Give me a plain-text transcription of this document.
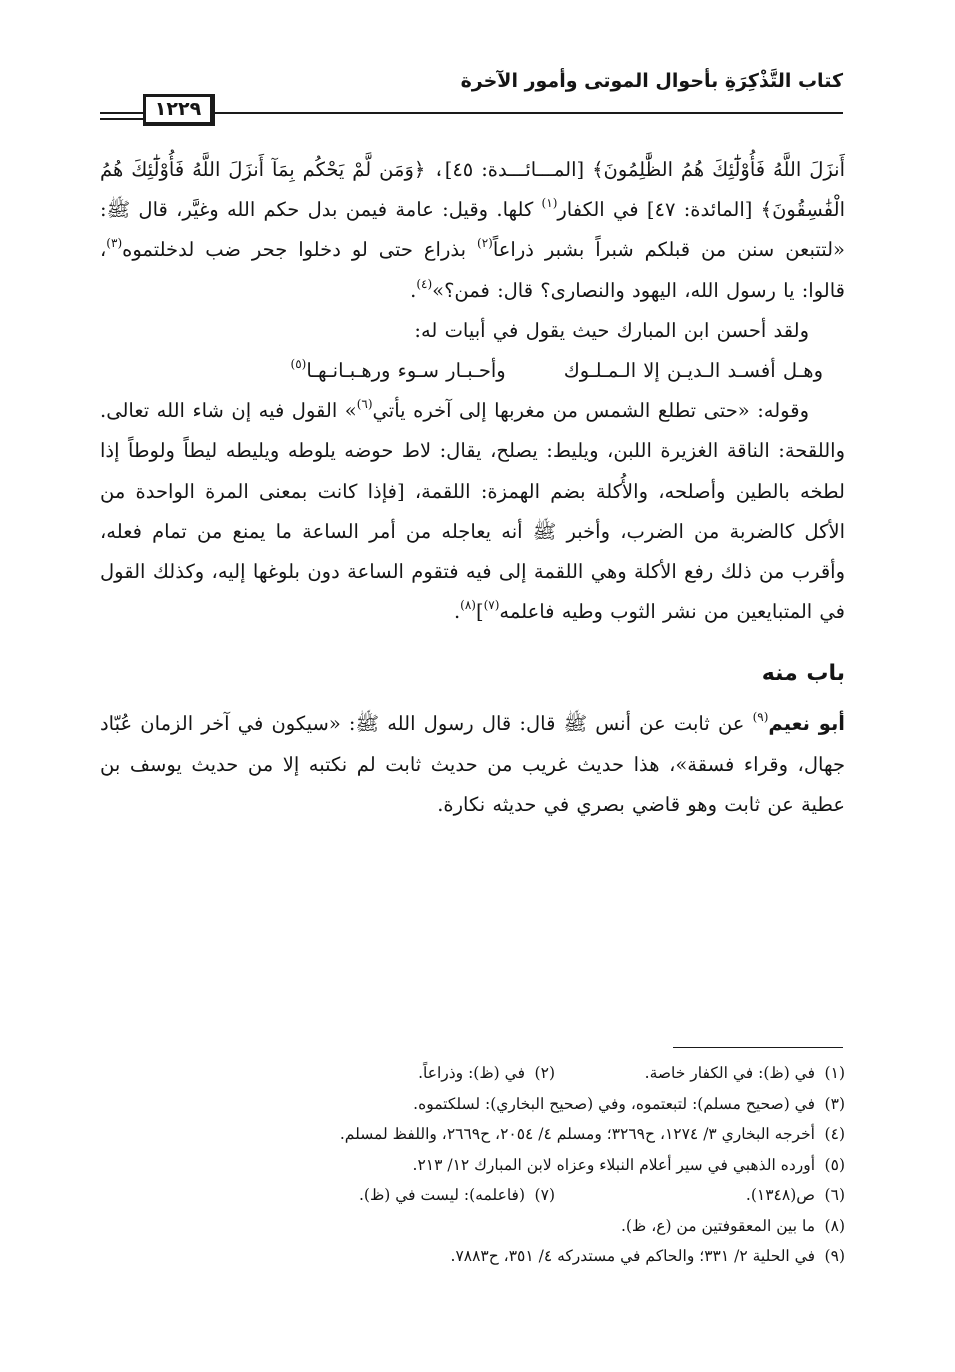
كتاب التَّذْكِرَةِ بأحوال الموتى وأمور الآخرة
١٢٢٩

أَنزَلَ اللَّهُ فَأُوْلَٰٓئِكَ هُمُ الظَّٰلِمُونَ﴾ [المـــائـــدة: ٤٥]، ﴿وَمَن لَّمْ يَحْكُم بِمَآ أَنزَلَ اللَّهُ فَأُوْلَٰٓئِكَ هُمُ الْفَٰسِقُونَ﴾ [المائدة: ٤٧] في الكفار$^{(١)}$ كلها. وقيل: عامة فيمن بدل حكم الله وغيَّر، قال ﷺ: «لتتبعن سنن من قبلكم شبراً بشبر ذراعاً$^{(٢)}$ بذراع حتى لو دخلوا جحر ضب لدخلتموه$^{(٣)}$، قالوا: يا رسول الله، اليهود والنصارى؟ قال: فمن؟»$^{(٤)}$.

ولقد أحسن ابن المبارك حيث يقول في أبيات له:

وهـل أفسـد الـديـن إلا الـمـلـوك
وأحـبـار سـوء ورهـبـانـهـا$^{(٥)}$

وقوله: «حتى تطلع الشمس من مغربها إلى آخره يأتي$^{(٦)}$» القول فيه إن شاء الله تعالى. واللقحة: الناقة الغزيرة اللبن، ويليط: يصلح، يقال: لاط حوضه يلوطه ويليطه ليطاً ولوطاً إذا لطخه بالطين وأصلحه، والأُكلة بضم الهمزة: اللقمة، [فإذا كانت بمعنى المرة الواحدة من الأكل كالضربة من الضرب، وأخبر ﷺ أنه يعاجله من أمر الساعة ما يمنع من تمام فعله، وأقرب من ذلك رفع الأكلة وهي اللقمة إلى فيه فتقوم الساعة دون بلوغها إليه، وكذلك القول في المتبايعين من نشر الثوب وطيه فاعلمه$^{(٧)}$]$^{(٨)}$.

باب منه

أبو نعيم$^{(٩)}$ عن ثابت عن أنس ﷺ قال: قال رسول الله ﷺ: «سيكون في آخر الزمان عُبّاد جهال، وقراء فسقة»، هذا حديث غريب من حديث ثابت لم نكتبه إلا من حديث يوسف بن عطية عن ثابت وهو قاضي بصري في حديثه نكارة.

(١)
في (ظ): في الكفار خاصة.
(٢)
في (ظ): وذراعاً.
(٣)
في (صحيح مسلم): لتبعتموه، وفي (صحيح البخاري): لسلكتموه.
(٤)
أخرجه البخاري ٣/ ١٢٧٤، ح٣٢٦٩؛ ومسلم ٤/ ٢٠٥٤، ح٢٦٦٩، واللفظ لمسلم.
(٥)
أورده الذهبي في سير أعلام النبلاء وعزاه لابن المبارك ١٢/ ٢١٣.
(٦)
ص(١٣٤٨).
(٧)
(فاعلمه): ليست في (ظ).
(٨)
ما بين المعقوفتين من (ع، ظ).
(٩)
في الحلية ٢/ ٣٣١؛ والحاكم في مستدركه ٤/ ٣٥١، ح٧٨٨٣.
